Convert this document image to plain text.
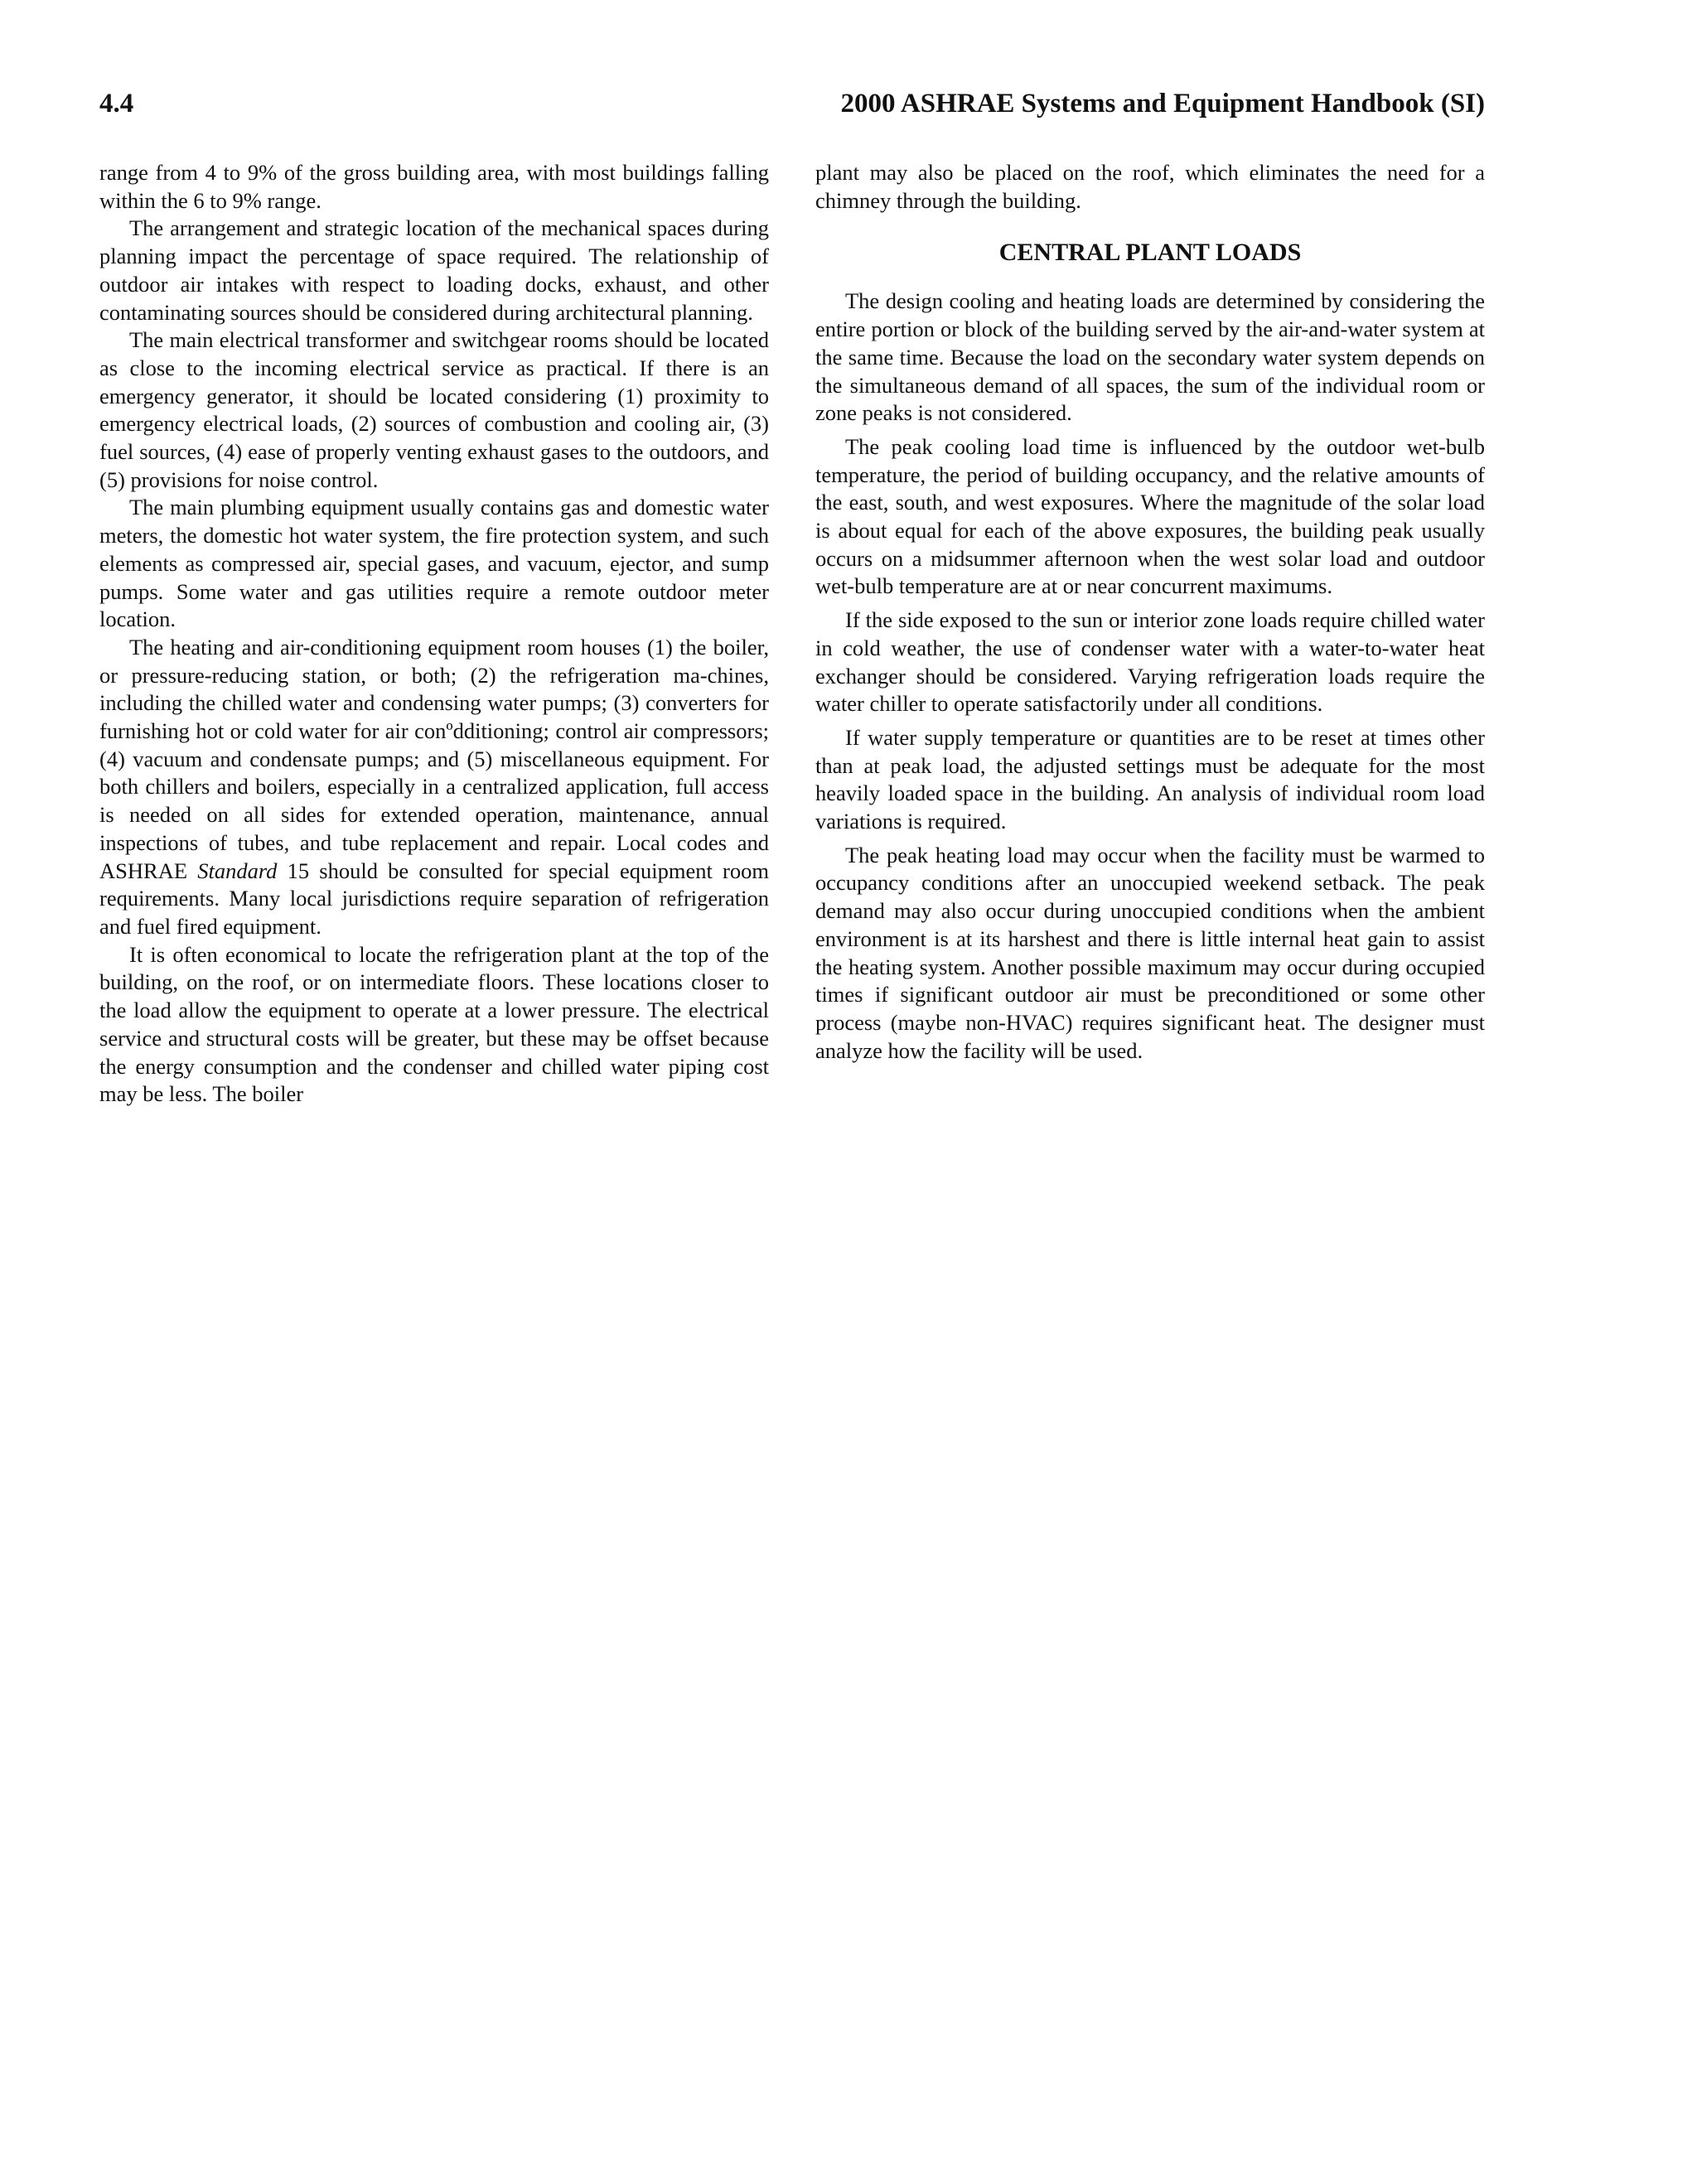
4.4	2000 ASHRAE Systems and Equipment Handbook (SI)

range from 4 to 9% of the gross building area, with most buildings falling within the 6 to 9% range.

The arrangement and strategic location of the mechanical spaces during planning impact the percentage of space required. The relationship of outdoor air intakes with respect to loading docks, exhaust, and other contaminating sources should be considered during architectural planning.

The main electrical transformer and switchgear rooms should be located as close to the incoming electrical service as practical. If there is an emergency generator, it should be located considering (1) proximity to emergency electrical loads, (2) sources of combustion and cooling air, (3) fuel sources, (4) ease of properly venting exhaust gases to the outdoors, and (5) provisions for noise control.

The main plumbing equipment usually contains gas and domestic water meters, the domestic hot water system, the fire protection system, and such elements as compressed air, special gases, and vacuum, ejector, and sump pumps. Some water and gas utilities require a remote outdoor meter location.

The heating and air-conditioning equipment room houses (1) the boiler, or pressure-reducing station, or both; (2) the refrigeration ma-chines, including the chilled water and condensing water pumps; (3) converters for furnishing hot or cold water for air conºdditioning; control air compressors; (4) vacuum and condensate pumps; and (5) miscellaneous equipment. For both chillers and boilers, especially in a centralized application, full access is needed on all sides for extended operation, maintenance, annual inspections of tubes, and tube replacement and repair. Local codes and ASHRAE Standard 15 should be consulted for special equipment room requirements. Many local jurisdictions require separation of refrigeration and fuel fired equipment.

It is often economical to locate the refrigeration plant at the top of the building, on the roof, or on intermediate floors. These locations closer to the load allow the equipment to operate at a lower pressure. The electrical service and structural costs will be greater, but these may be offset because the energy consumption and the condenser and chilled water piping cost may be less. The boiler

plant may also be placed on the roof, which eliminates the need for a chimney through the building.

CENTRAL PLANT LOADS

The design cooling and heating loads are determined by considering the entire portion or block of the building served by the air-and-water system at the same time. Because the load on the secondary water system depends on the simultaneous demand of all spaces, the sum of the individual room or zone peaks is not considered.

The peak cooling load time is influenced by the outdoor wet-bulb temperature, the period of building occupancy, and the relative amounts of the east, south, and west exposures. Where the magnitude of the solar load is about equal for each of the above exposures, the building peak usually occurs on a midsummer afternoon when the west solar load and outdoor wet-bulb temperature are at or near concurrent maximums.

If the side exposed to the sun or interior zone loads require chilled water in cold weather, the use of condenser water with a water-to-water heat exchanger should be considered. Varying refrigeration loads require the water chiller to operate satisfactorily under all conditions.

If water supply temperature or quantities are to be reset at times other than at peak load, the adjusted settings must be adequate for the most heavily loaded space in the building. An analysis of individual room load variations is required.

The peak heating load may occur when the facility must be warmed to occupancy conditions after an unoccupied weekend setback. The peak demand may also occur during unoccupied conditions when the ambient environment is at its harshest and there is little internal heat gain to assist the heating system. Another possible maximum may occur during occupied times if significant outdoor air must be preconditioned or some other process (maybe non-HVAC) requires significant heat. The designer must analyze how the facility will be used.
